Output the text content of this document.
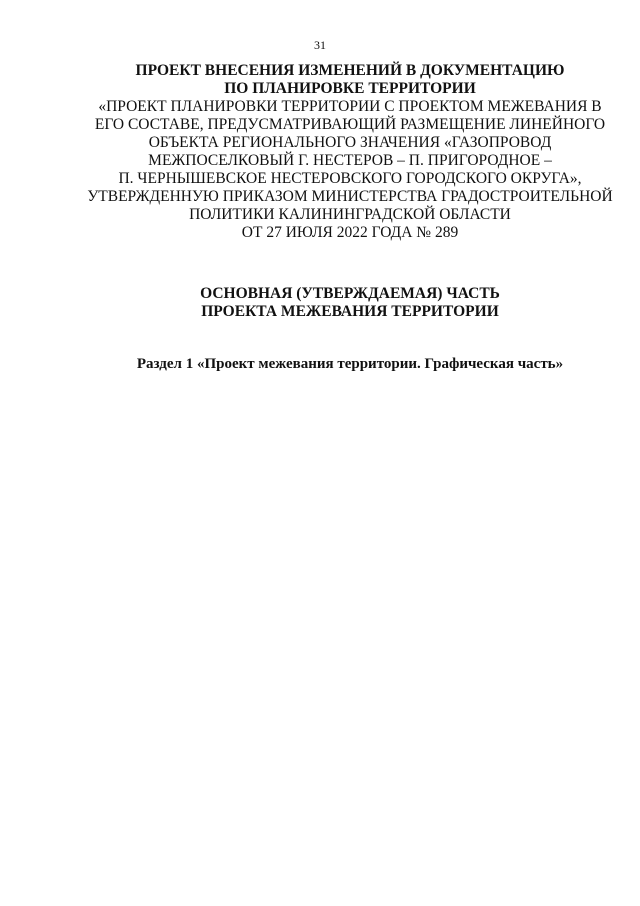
31
ПРОЕКТ ВНЕСЕНИЯ ИЗМЕНЕНИЙ В ДОКУМЕНТАЦИЮ
ПО ПЛАНИРОВКЕ ТЕРРИТОРИИ
«ПРОЕКТ ПЛАНИРОВКИ ТЕРРИТОРИИ С ПРОЕКТОМ МЕЖЕВАНИЯ В
ЕГО СОСТАВЕ, ПРЕДУСМАТРИВАЮЩИЙ РАЗМЕЩЕНИЕ ЛИНЕЙНОГО
ОБЪЕКТА РЕГИОНАЛЬНОГО ЗНАЧЕНИЯ «ГАЗОПРОВОД
МЕЖПОСЕЛКОВЫЙ Г. НЕСТЕРОВ – П. ПРИГОРОДНОЕ –
П. ЧЕРНЫШЕВСКОЕ НЕСТЕРОВСКОГО ГОРОДСКОГО ОКРУГА»,
УТВЕРЖДЕННУЮ ПРИКАЗОМ МИНИСТЕРСТВА ГРАДОСТРОИТЕЛЬНОЙ
ПОЛИТИКИ КАЛИНИНГРАДСКОЙ ОБЛАСТИ
ОТ 27 ИЮЛЯ 2022 ГОДА № 289
ОСНОВНАЯ (УТВЕРЖДАЕМАЯ) ЧАСТЬ
ПРОЕКТА МЕЖЕВАНИЯ ТЕРРИТОРИИ
Раздел 1 «Проект межевания территории. Графическая часть»
